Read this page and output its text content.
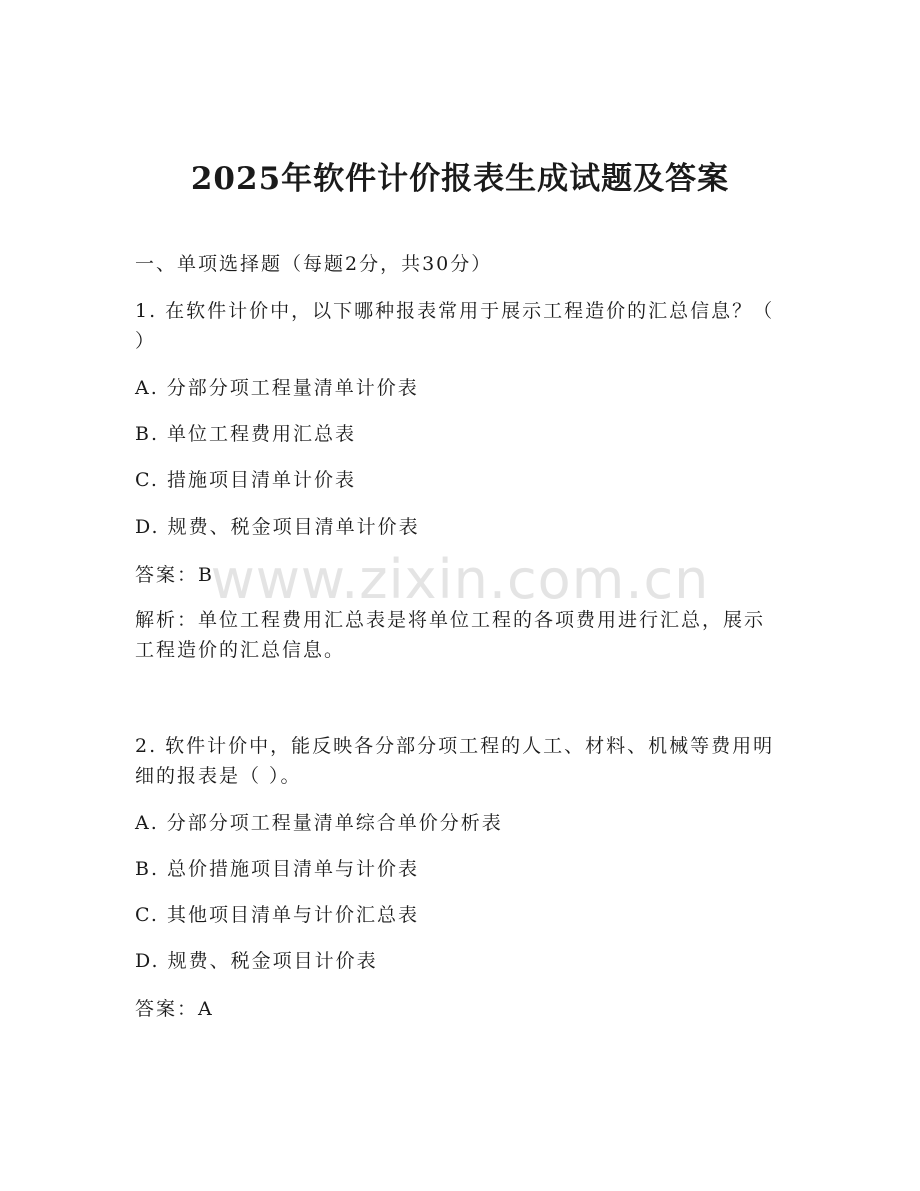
www.zixin.com.cn
2025年软件计价报表生成试题及答案

一、单项选择题（每题2分，共30分）

1. 在软件计价中，以下哪种报表常用于展示工程造价的汇总信息？（ ）

A. 分部分项工程量清单计价表

B. 单位工程费用汇总表

C. 措施项目清单计价表

D. 规费、税金项目清单计价表

答案：B

解析：单位工程费用汇总表是将单位工程的各项费用进行汇总，展示工程造价的汇总信息。

2. 软件计价中，能反映各分部分项工程的人工、材料、机械等费用明细的报表是（ ）。

A. 分部分项工程量清单综合单价分析表

B. 总价措施项目清单与计价表

C. 其他项目清单与计价汇总表

D. 规费、税金项目计价表

答案：A
